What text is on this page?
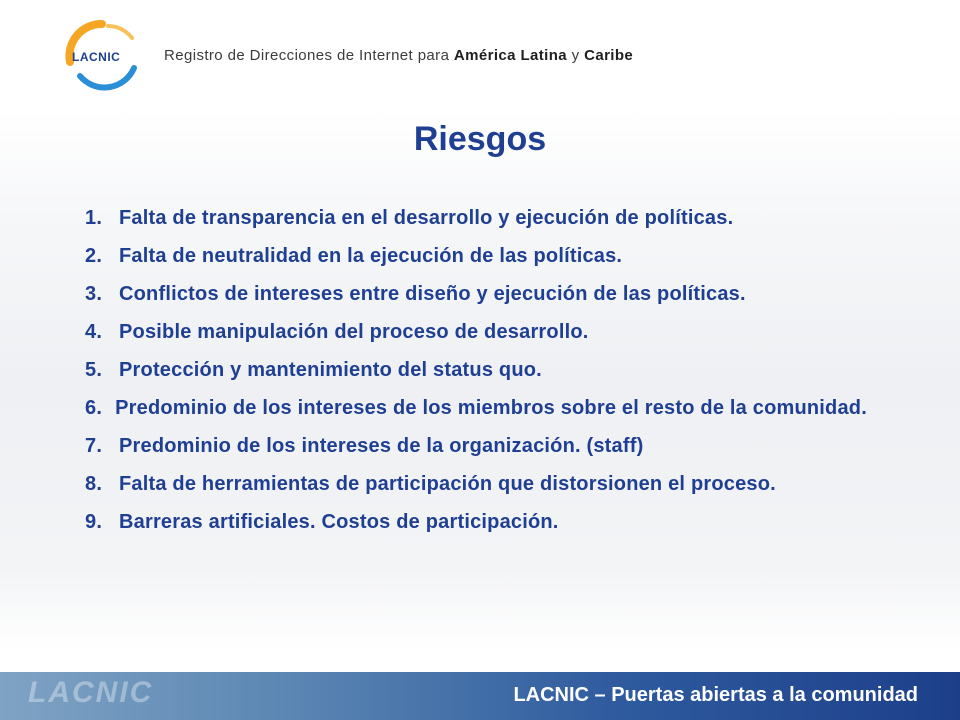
LACNIC	Registro de Direcciones de Internet para América Latina y Caribe
Riesgos
1. Falta de transparencia en el desarrollo y ejecución de políticas.
2. Falta de neutralidad en la ejecución de las políticas.
3. Conflictos de intereses entre diseño y ejecución de las políticas.
4. Posible manipulación del proceso de desarrollo.
5. Protección y mantenimiento del status quo.
6. Predominio de los intereses de los miembros sobre el resto de la comunidad.
7. Predominio de los intereses de la organización. (staff)
8. Falta de herramientas de participación que distorsionen el proceso.
9. Barreras artificiales. Costos de participación.
LACNIC	LACNIC – Puertas abiertas a la comunidad
